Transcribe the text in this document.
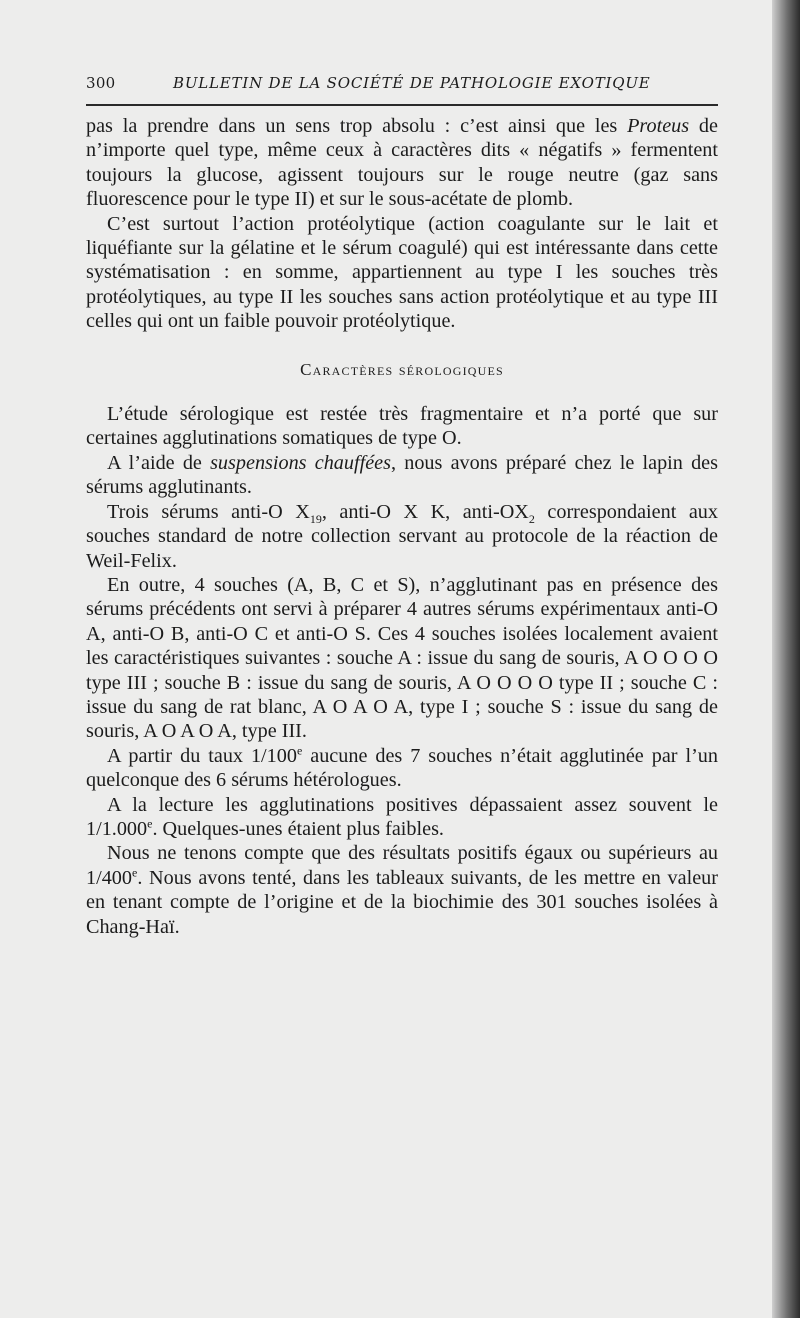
300	BULLETIN DE LA SOCIÉTÉ DE PATHOLOGIE EXOTIQUE

pas la prendre dans un sens trop absolu : c’est ainsi que les Proteus de n’importe quel type, même ceux à caractères dits « négatifs » fermentent toujours la glucose, agissent toujours sur le rouge neutre (gaz sans fluorescence pour le type II) et sur le sous-acétate de plomb.

C’est surtout l’action protéolytique (action coagulante sur le lait et liquéfiante sur la gélatine et le sérum coagulé) qui est intéressante dans cette systématisation : en somme, appartiennent au type I les souches très protéolytiques, au type II les souches sans action protéolytique et au type III celles qui ont un faible pouvoir protéolytique.

Caractères sérologiques

L’étude sérologique est restée très fragmentaire et n’a porté que sur certaines agglutinations somatiques de type O.

A l’aide de suspensions chauffées, nous avons préparé chez le lapin des sérums agglutinants.

Trois sérums anti-O $X_{19}$, anti-O X K, anti-$OX_2$ correspondaient aux souches standard de notre collection servant au protocole de la réaction de Weil-Felix.

En outre, 4 souches (A, B, C et S), n’agglutinant pas en présence des sérums précédents ont servi à préparer 4 autres sérums expérimentaux anti-O A, anti-O B, anti-O C et anti-O S. Ces 4 souches isolées localement avaient les caractéristiques suivantes : souche A : issue du sang de souris, A O O O O type III ; souche B : issue du sang de souris, A O O O O type II ; souche C : issue du sang de rat blanc, A O A O A, type I ; souche S : issue du sang de souris, A O A O A, type III.

A partir du taux 1/100e aucune des 7 souches n’était agglutinée par l’un quelconque des 6 sérums hétérologues.

A la lecture les agglutinations positives dépassaient assez souvent le 1/1.000e. Quelques-unes étaient plus faibles.

Nous ne tenons compte que des résultats positifs égaux ou supérieurs au 1/400e. Nous avons tenté, dans les tableaux suivants, de les mettre en valeur en tenant compte de l’origine et de la biochimie des 301 souches isolées à Chang-Haï.
